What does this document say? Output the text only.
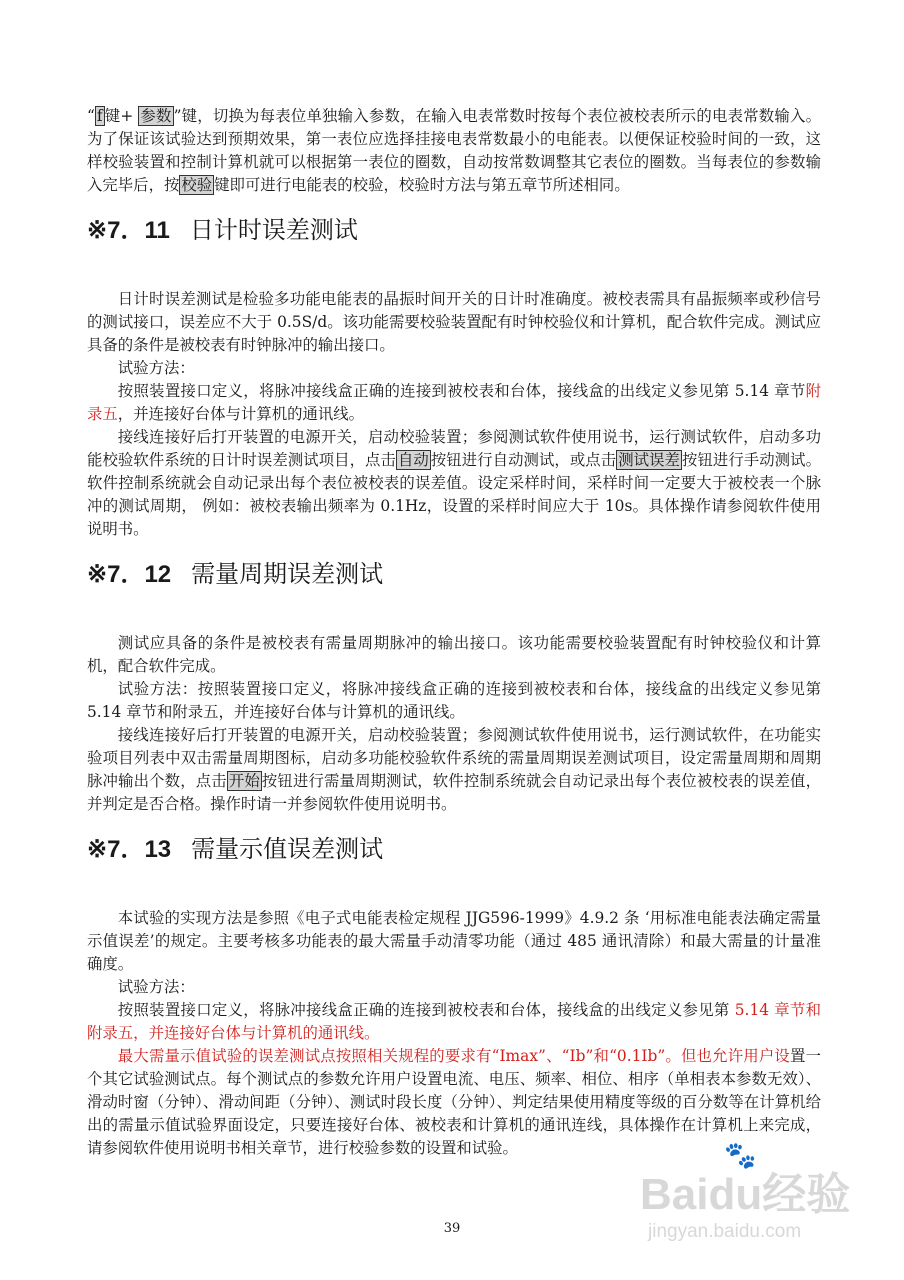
“ f 键+ 参数 ”键，切换为每表位单独输入参数，在输入电表常数时按每个表位被校表所示的电表常数输入。为了保证该试验达到预期效果，第一表位应选择挂接电表常数最小的电能表。以便保证校验时间的一致，这样校验装置和控制计算机就可以根据第一表位的圈数，自动按常数调整其它表位的圈数。当每表位的参数输入完毕后，按 校验 键即可进行电能表的校验，校验时方法与第五章节所述相同。

※7．11 日计时误差测试

日计时误差测试是检验多功能电能表的晶振时间开关的日计时准确度。被校表需具有晶振频率或秒信号的测试接口，误差应不大于 0.5S/d。该功能需要校验装置配有时钟校验仪和计算机，配合软件完成。测试应具备的条件是被校表有时钟脉冲的输出接口。

试验方法：

按照装置接口定义，将脉冲接线盒正确的连接到被校表和台体，接线盒的出线定义参见第 5.14 章节附录五，并连接好台体与计算机的通讯线。

接线连接好后打开装置的电源开关，启动校验装置；参阅测试软件使用说书，运行测试软件，启动多功能校验软件系统的日计时误差测试项目，点击 自动 按钮进行自动测试，或点击 测试误差 按钮进行手动测试。软件控制系统就会自动记录出每个表位被校表的误差值。设定采样时间，采样时间一定要大于被校表一个脉冲的测试周期， 例如：被校表输出频率为 0.1Hz，设置的采样时间应大于 10s。具体操作请参阅软件使用说明书。

※7．12 需量周期误差测试

测试应具备的条件是被校表有需量周期脉冲的输出接口。该功能需要校验装置配有时钟校验仪和计算机，配合软件完成。

试验方法：按照装置接口定义，将脉冲接线盒正确的连接到被校表和台体，接线盒的出线定义参见第 5.14 章节和附录五，并连接好台体与计算机的通讯线。

接线连接好后打开装置的电源开关，启动校验装置；参阅测试软件使用说书，运行测试软件，在功能实验项目列表中双击需量周期图标，启动多功能校验软件系统的需量周期误差测试项目，设定需量周期和周期脉冲输出个数，点击 开始 按钮进行需量周期测试，软件控制系统就会自动记录出每个表位被校表的误差值，并判定是否合格。操作时请一并参阅软件使用说明书。

※7．13 需量示值误差测试

本试验的实现方法是参照《电子式电能表检定规程 JJG596-1999》4.9.2 条 ‘用标准电能表法确定需量示值误差’的规定。主要考核多功能表的最大需量手动清零功能（通过 485 通讯清除）和最大需量的计量准确度。

试验方法：

按照装置接口定义，将脉冲接线盒正确的连接到被校表和台体，接线盒的出线定义参见第 5.14 章节和附录五，并连接好台体与计算机的通讯线。

最大需量示值试验的误差测试点按照相关规程的要求有“Imax”、“Ib”和“0.1Ib”。但也允许用户设置一个其它试验测试点。每个测试点的参数允许用户设置电流、电压、频率、相位、相序（单相表本参数无效）、滑动时窗（分钟）、滑动间距（分钟）、测试时段长度（分钟）、判定结果使用精度等级的百分数等在计算机给出的需量示值试验界面设定，只要连接好台体、被校表和计算机的通讯连线，具体操作在计算机上来完成，请参阅软件使用说明书相关章节，进行校验参数的设置和试验。

39
🐾
Baidu经验
jingyan.baidu.com
